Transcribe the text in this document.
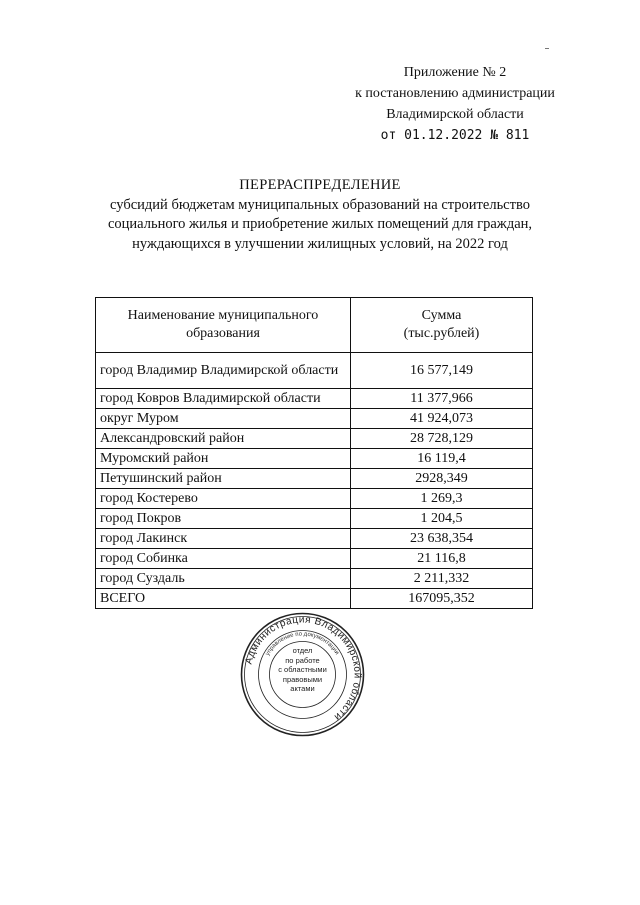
Приложение № 2
к постановлению администрации
Владимирской области
от 01.12.2022 № 811
ПЕРЕРАСПРЕДЕЛЕНИЕ
субсидий бюджетам муниципальных образований на строительство
социального жилья и приобретение жилых помещений для граждан,
нуждающихся в улучшении жилищных условий, на 2022 год
Наименование муниципального образования	Сумма
(тыс.рублей)

город Владимир Владимирской области	16 577,149
город Ковров Владимирской области	11 377,966
округ Муром	41 924,073
Александровский район	28 728,129
Муромский район	16 119,4
Петушинский район	2928,349
город Костерево	1 269,3
город Покров	1 204,5
город Лакинск	23 638,354
город Собинка	21 116,8
город Суздаль	2 211,332
ВСЕГО	167095,352
Администрация Владимирской области
управление по документации
отдел
по работе
с областными
правовыми
актами
